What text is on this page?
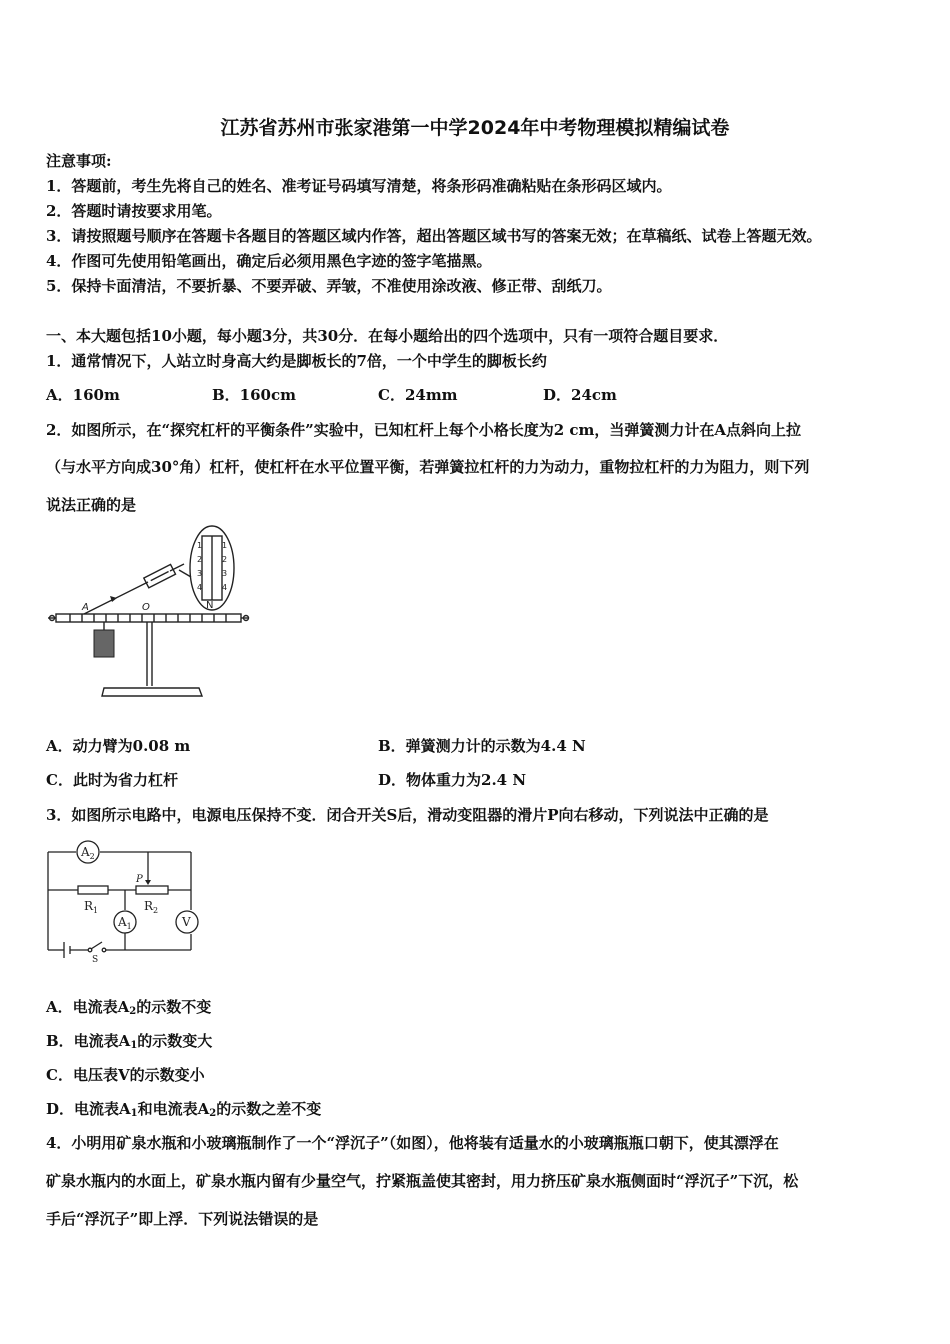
江苏省苏州市张家港第一中学2024年中考物理模拟精编试卷
注意事项:
1．答题前，考生先将自己的姓名、准考证号码填写清楚，将条形码准确粘贴在条形码区域内。
2．答题时请按要求用笔。
3．请按照题号顺序在答题卡各题目的答题区域内作答，超出答题区域书写的答案无效；在草稿纸、试卷上答题无效。
4．作图可先使用铅笔画出，确定后必须用黑色字迹的签字笔描黑。
5．保持卡面清洁，不要折暴、不要弄破、弄皱，不准使用涂改液、修正带、刮纸刀。
一、本大题包括10小题，每小题3分，共30分．在每小题给出的四个选项中，只有一项符合题目要求．
1．通常情况下，人站立时身高大约是脚板长的7倍，一个中学生的脚板长约
A．160m	B．160cm	C．24mm	D．24cm
2．如图所示，在“探究杠杆的平衡条件”实验中，已知杠杆上每个小格长度为2 cm，当弹簧测力计在A点斜向上拉
（与水平方向成30°角）杠杆，使杠杆在水平位置平衡，若弹簧拉杠杆的力为动力，重物拉杠杆的力为阻力，则下列
说法正确的是
A	O	N
1
2
3
4
1
2
3
4
A．动力臂为0.08 m	B．弹簧测力计的示数为4.4 N
C．此时为省力杠杆	D．物体重力为2.4 N
3．如图所示电路中，电源电压保持不变．闭合开关S后，滑动变阻器的滑片P向右移动，下列说法中正确的是
$A_2$
$A_1$	V
$R_1$	$R_2$
P
S
A．电流表$A_2$的示数不变
B．电流表$A_1$的示数变大
C．电压表V的示数变小
D．电流表$A_1$和电流表$A_2$的示数之差不变
4．小明用矿泉水瓶和小玻璃瓶制作了一个“浮沉子”（如图），他将装有适量水的小玻璃瓶瓶口朝下，使其漂浮在
矿泉水瓶内的水面上，矿泉水瓶内留有少量空气，拧紧瓶盖使其密封，用力挤压矿泉水瓶侧面时“浮沉子”下沉，松
手后“浮沉子”即上浮．下列说法错误的是
